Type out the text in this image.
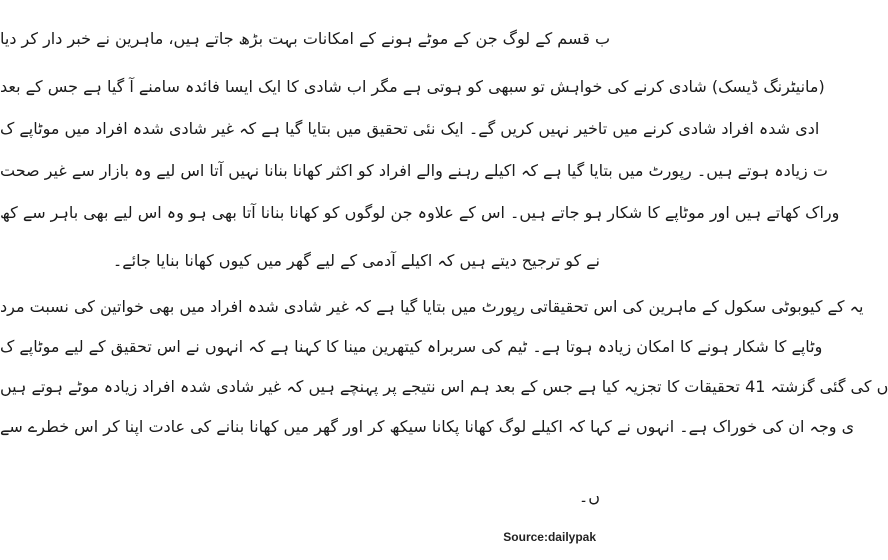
ب قسم کے لوگ جن کے موٹے ہونے کے امکانات بہت بڑھ جاتے ہیں، ماہرین نے خبر دار کر دیا
(مانیٹرنگ ڈیسک) شادی کرنے کی خواہش تو سبھی کو ہوتی ہے مگر اب شادی کا ایک ایسا فائدہ سامنے آ گیا ہے جس کے بعد
ادی شدہ افراد شادی کرنے میں تاخیر نہیں کریں گے۔ ایک نئی تحقیق میں بتایا گیا ہے کہ غیر شادی شدہ افراد میں موٹاپے ک
ت زیادہ ہوتے ہیں۔ رپورٹ میں بتایا گیا ہے کہ اکیلے رہنے والے افراد کو اکثر کھانا بنانا نہیں آتا اس لیے وہ بازار سے غیر صحت
وراک کھاتے ہیں اور موٹاپے کا شکار ہو جاتے ہیں۔ اس کے علاوہ جن لوگوں کو کھانا بنانا آتا بھی ہو وہ اس لیے بھی باہر سے کھ
نے کو ترجیح دیتے ہیں کہ اکیلے آدمی کے لیے گھر میں کیوں کھانا بنایا جائے۔
یہ کے کیوبوٹی سکول کے ماہرین کی اس تحقیقاتی رپورٹ میں بتایا گیا ہے کہ غیر شادی شدہ افراد میں بھی خواتین کی نسبت مرد
وٹاپے کا شکار ہونے کا امکان زیادہ ہوتا ہے۔ ٹیم کی سربراہ کیتھرین مینا کا کہنا ہے کہ انہوں نے اس تحقیق کے لیے موٹاپے ک
ں کی گئی گزشتہ 41 تحقیقات کا تجزیہ کیا ہے جس کے بعد ہم اس نتیجے پر پہنچے ہیں کہ غیر شادی شدہ افراد زیادہ موٹے ہوتے ہیں
ی وجہ ان کی خوراک ہے۔ انہوں نے کہا کہ اکیلے لوگ کھانا پکانا سیکھ کر اور گھر میں کھانا بنانے کی عادت اپنا کر اس خطرے سے
ں۔
Source:dailypak
